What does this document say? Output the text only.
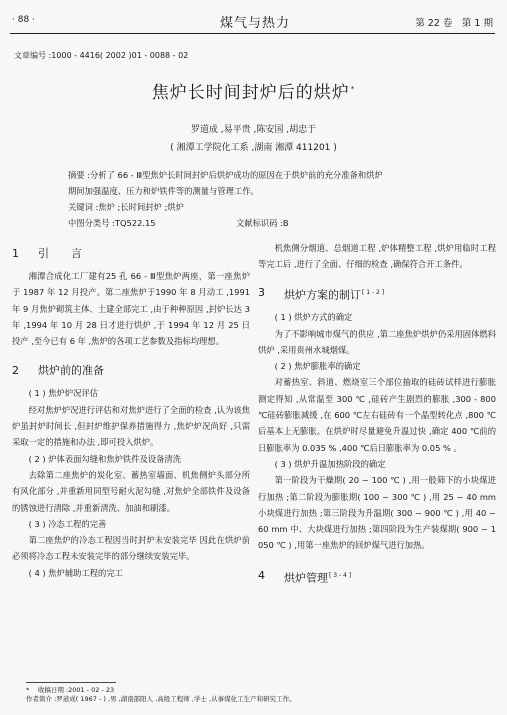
· 88 ·	煤气与热力	第 22 卷　第 1 期
文章编号 :1000 - 4416( 2002 )01 - 0088 - 02
焦炉长时间封炉后的烘炉*
罗道成 ,易平贵 ,陈安国 ,胡忠于
( 湘潭工学院化工系 ,湖南 湘潭 411201 )
摘要 :分析了 66 - Ⅲ型焦炉长时间封炉后烘炉成功的原因在于烘炉前的充分准备和烘炉
期间加强温度、压力和炉铁件等的测量与管理工作。
关键词 :焦炉 ;长时间封炉 ;烘炉
中图分类号 :TQ522.15	文献标识码 :B
1	引　　言
湘潭合成化工厂建有25 孔 66 - Ⅲ型焦炉两座，第一座焦炉于 1987 年 12 月投产。第二座焦炉于1990 年 8 月动工 ,1991 年 9 月焦炉砌筑主体、土建全部完工 ,由于种种原因 ,封炉长达 3 年 ,1994 年 10 月 28 日才进行烘炉 ,于 1994 年 12 月 25 日投产 ,至今已有 6 年 ,焦炉的各项工艺参数及指标均理想。
2	烘炉前的准备
( 1 ) 焦炉炉况评估
经对焦炉炉况进行评估和对焦炉进行了全面的检查 ,认为该焦炉虽封炉时间长 ,但封炉维护保养措施得力 ,焦炉炉况尚好 ,只需采取一定的措施和办法 ,即可投入烘炉。
( 2 ) 炉体表面勾缝和焦炉铁件及设备清洗
去除第二座焦炉的炭化室、蓄热室墙面、机焦侧炉头部分所有风化部分 ,并重新用同型号耐火泥勾缝 ,对焦炉全部铁件及设备的锈蚀进行清除 ,并重新清洗、加油和刷漆。
( 3 ) 冷态工程的完善
第二座焦炉的冷态工程因当时封炉未安装完毕 因此在烘炉前必须将冷态工程未安装完毕的部分继续安装完毕。
( 4 ) 焦炉辅助工程的完工
机焦侧分烟道、总烟道工程 ,炉体精整工程 ,烘炉用临时工程等完工后 ,进行了全面、仔细的检查 ,确保符合开工条件。
3	烘炉方案的制订[ 1 - 2 ]
( 1 ) 烘炉方式的确定
为了不影响城市煤气的供应 ,第二座焦炉烘炉仍采用固体燃料烘炉 ,采用贵州水城烟煤。
( 2 ) 焦炉膨胀率的确定
对蓄热室、斜道、燃烧室三个部位抽取的硅砖试样进行膨胀测定得知 ,从常温至 300 ℃ ,硅砖产生剧烈的膨胀 ,300 - 800 ℃硅砖膨胀减缓 ,在 600 ℃左右硅砖有一个晶型转化点 ,800 ℃后基本上无膨胀。在烘炉时尽量避免升温过快 ,确定 400 ℃前的日膨胀率为 0.035 % ,400 ℃后日膨胀率为 0.05 % 。
( 3 ) 烘炉升温加热阶段的确定
第一阶段为干燥期( 20 ~ 100 ℃ ) ,用一般筛下的小块煤进行加热 ;第二阶段为膨胀期( 100 ~ 300 ℃ ) ,用 25 ~ 40 mm 小块煤进行加热 ;第三阶段为升温期( 300 ~ 900 ℃ ) ,用 40 ~ 60 mm 中、大块煤进行加热 ;第四阶段为生产装煤期( 900 ~ 1 050 ℃ ) ,用第一座焦炉的回炉煤气进行加热。
4	烘炉管理[ 3 - 4 ]
* 　收稿日期 :2001 - 02 - 23
作者简介 :罗道成( 1967 - ) ,男 ,湖南邵阳人 ,高级工程师 ,学士 ,从事煤化工生产和研究工作。
